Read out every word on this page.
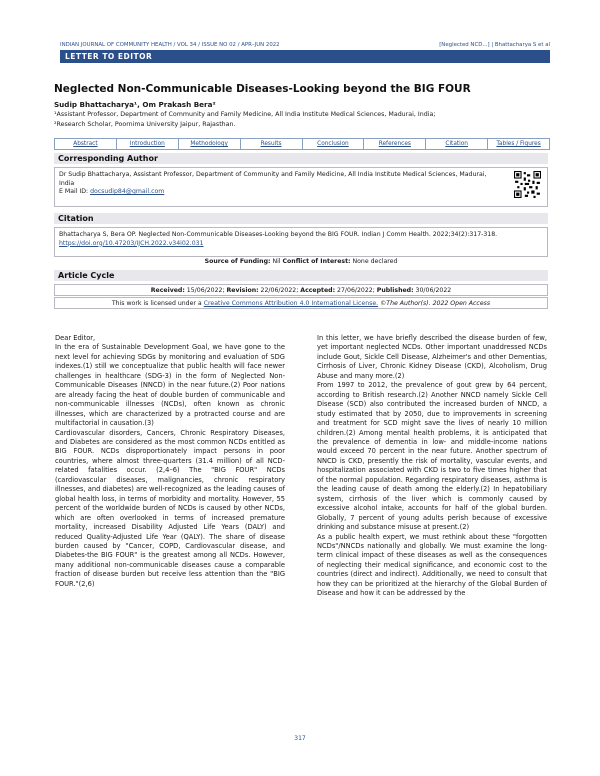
INDIAN JOURNAL OF COMMUNITY HEALTH / VOL 34 / ISSUE NO 02 / APR–JUN 2022	[Neglected NCD...] | Bhattacharya S et al
LETTER TO EDITOR
Neglected Non-Communicable Diseases-Looking beyond the BIG FOUR
Sudip Bhattacharya¹, Om Prakash Bera²
¹Assistant Professor, Department of Community and Family Medicine, All India Institute Medical Sciences, Madurai, India;
²Research Scholar, Poornima University Jaipur, Rajasthan.
Abstract	Introduction	Methodology	Results	Conclusion	References	Citation	Tables / Figures
Corresponding Author
Dr Sudip Bhattacharya, Assistant Professor, Department of Community and Family Medicine, All India Institute Medical Sciences, Madurai, India
E Mail ID: docsudip84@gmail.com
Citation
Bhattacharya S, Bera OP. Neglected Non-Communicable Diseases-Looking beyond the BIG FOUR. Indian J Comm Health. 2022;34(2):317-318. https://doi.org/10.47203/IJCH.2022.v34i02.031
Source of Funding: Nil Conflict of Interest: None declared
Article Cycle
Received: 15/06/2022; Revision: 22/06/2022; Accepted: 27/06/2022; Published: 30/06/2022
This work is licensed under a Creative Commons Attribution 4.0 International License. ©The Author(s). 2022 Open Access

Dear Editor,

In the era of Sustainable Development Goal, we have gone to the next level for achieving SDGs by monitoring and evaluation of SDG indexes.(1) still we conceptualize that public health will face newer challenges in healthcare (SDG-3) in the form of Neglected Non-Communicable Diseases (NNCD) in the near future.(2) Poor nations are already facing the heat of double burden of communicable and non-communicable illnesses (NCDs), often known as chronic illnesses, which are characterized by a protracted course and are multifactorial in causation.(3)

Cardiovascular disorders, Cancers, Chronic Respiratory Diseases, and Diabetes are considered as the most common NCDs entitled as BIG FOUR. NCDs disproportionately impact persons in poor countries, where almost three-quarters (31.4 million) of all NCD-related fatalities occur. (2,4–6) The "BIG FOUR" NCDs (cardiovascular diseases, malignancies, chronic respiratory illnesses, and diabetes) are well-recognized as the leading causes of global health loss, in terms of morbidity and mortality. However, 55 percent of the worldwide burden of NCDs is caused by other NCDs, which are often overlooked in terms of increased premature mortality, increased Disability Adjusted Life Years (DALY) and reduced Quality-Adjusted Life Year (QALY). The share of disease burden caused by "Cancer, COPD, Cardiovascular disease, and Diabetes-the BIG FOUR" is the greatest among all NCDs. However, many additional non-communicable diseases cause a comparable fraction of disease burden but receive less attention than the "BIG FOUR."(2,6)

In this letter, we have briefly described the disease burden of few, yet important neglected NCDs. Other important unaddressed NCDs include Gout, Sickle Cell Disease, Alzheimer's and other Dementias, Cirrhosis of Liver, Chronic Kidney Disease (CKD), Alcoholism, Drug Abuse and many more.(2)

From 1997 to 2012, the prevalence of gout grew by 64 percent, according to British research.(2) Another NNCD namely Sickle Cell Disease (SCD) also contributed the increased burden of NNCD, a study estimated that by 2050, due to improvements in screening and treatment for SCD might save the lives of nearly 10 million children.(2) Among mental health problems, it is anticipated that the prevalence of dementia in low- and middle-income nations would exceed 70 percent in the near future. Another spectrum of NNCD is CKD, presently the risk of mortality, vascular events, and hospitalization associated with CKD is two to five times higher that of the normal population. Regarding respiratory diseases, asthma is the leading cause of death among the elderly.(2) In hepatobiliary system, cirrhosis of the liver which is commonly caused by excessive alcohol intake, accounts for half of the global burden. Globally, 7 percent of young adults perish because of excessive drinking and substance misuse at present.(2)

As a public health expert, we must rethink about these "forgotten NCDs"/NNCDs nationally and globally. We must examine the long-term clinical impact of these diseases as well as the consequences of neglecting their medical significance, and economic cost to the countries (direct and indirect). Additionally, we need to consult that how they can be prioritized at the hierarchy of the Global Burden of Disease and how it can be addressed by the

317
